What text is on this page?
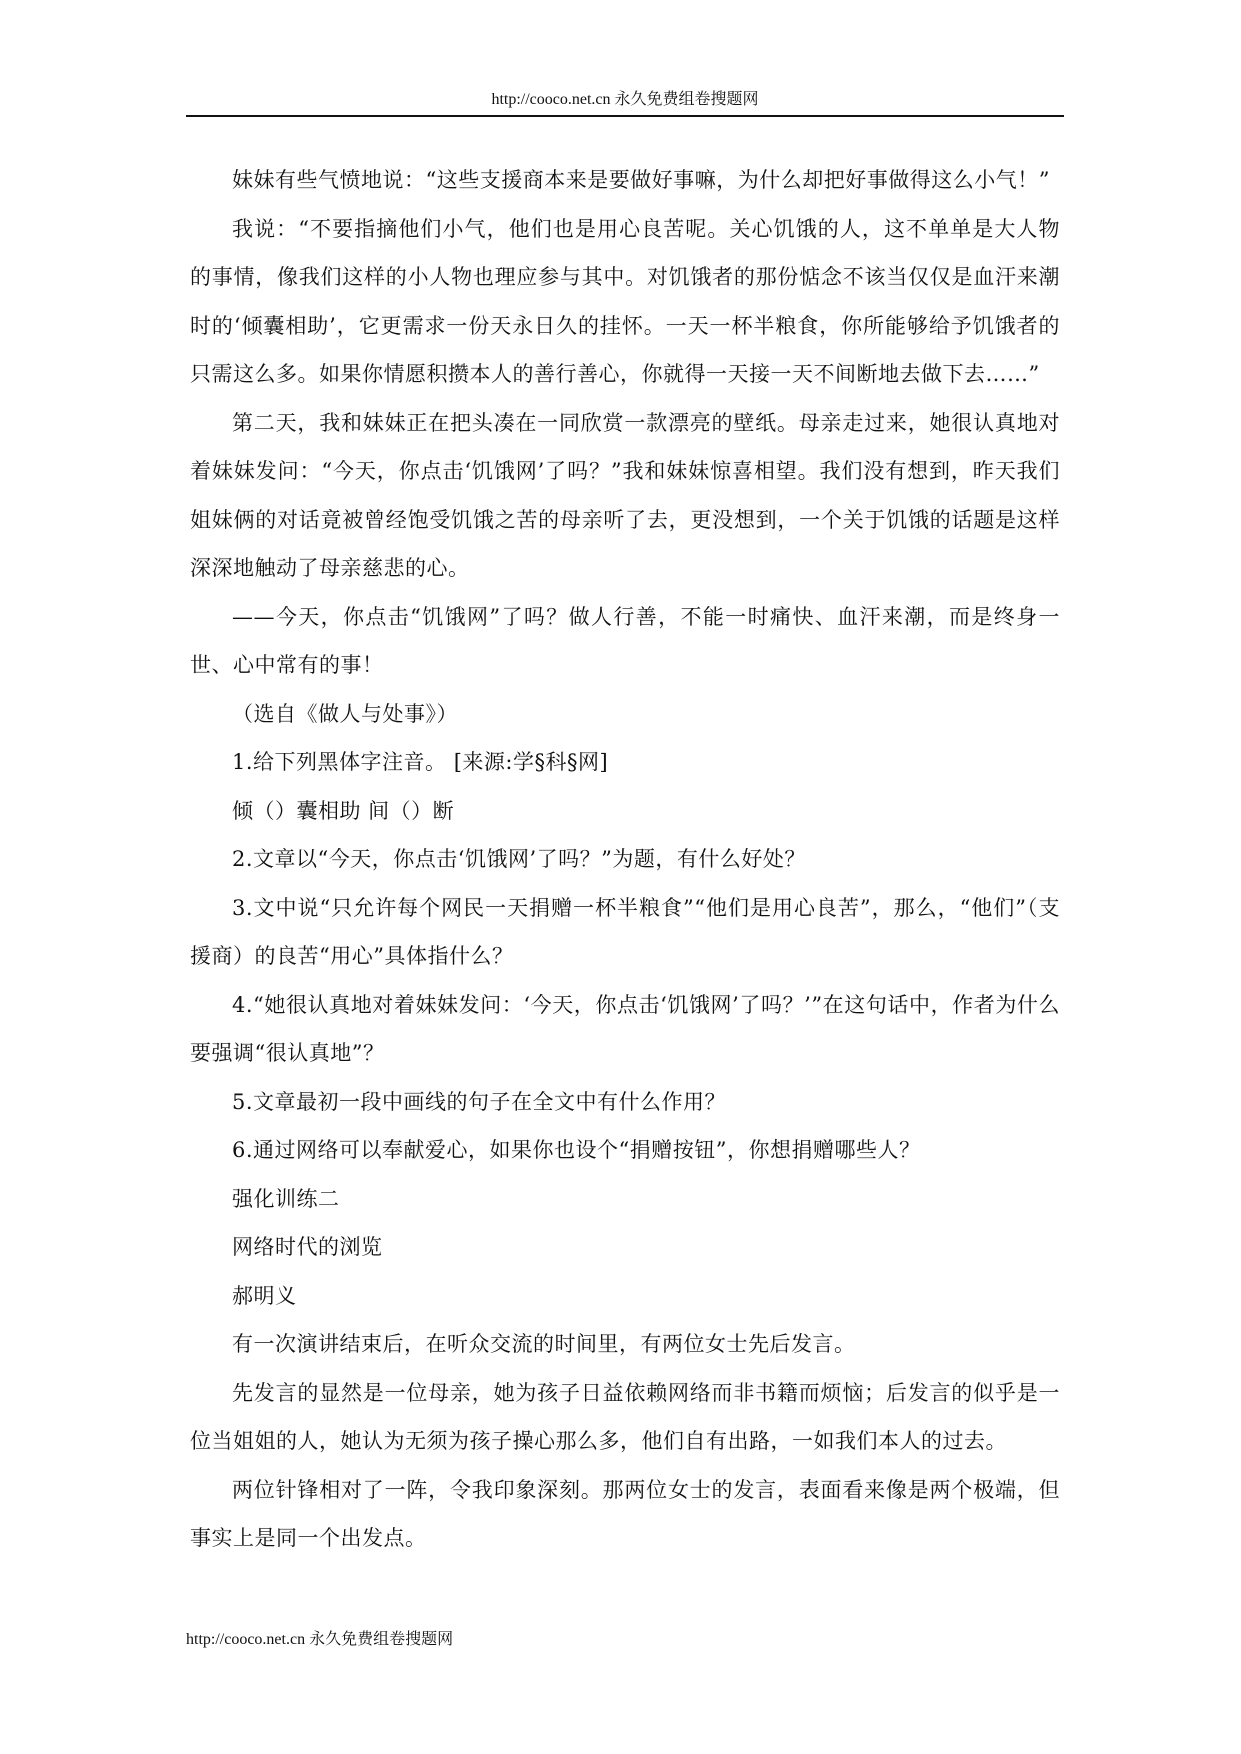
http://cooco.net.cn 永久免费组卷搜题网

妹妹有些气愤地说：“这些支援商本来是要做好事嘛，为什么却把好事做得这么小气！”

我说：“不要指摘他们小气，他们也是用心良苦呢。关心饥饿的人，这不单单是大人物的事情，像我们这样的小人物也理应参与其中。对饥饿者的那份惦念不该当仅仅是血汗来潮时的‘倾囊相助’，它更需求一份天永日久的挂怀。一天一杯半粮食，你所能够给予饥饿者的只需这么多。如果你情愿积攒本人的善行善心，你就得一天接一天不间断地去做下去……”

第二天，我和妹妹正在把头凑在一同欣赏一款漂亮的壁纸。母亲走过来，她很认真地对着妹妹发问：“今天，你点击‘饥饿网’了吗？”我和妹妹惊喜相望。我们没有想到，昨天我们姐妹俩的对话竟被曾经饱受饥饿之苦的母亲听了去，更没想到，一个关于饥饿的话题是这样深深地触动了母亲慈悲的心。

——今天，你点击“饥饿网”了吗？做人行善，不能一时痛快、血汗来潮，而是终身一世、心中常有的事！

（选自《做人与处事》）

1.给下列黑体字注音。 [来源:学§科§网]

倾（）囊相助 间（）断

2.文章以“今天，你点击‘饥饿网’了吗？”为题，有什么好处？

3.文中说“只允许每个网民一天捐赠一杯半粮食”“他们是用心良苦”，那么，“他们”（支援商）的良苦“用心”具体指什么？

4.“她很认真地对着妹妹发问：‘今天，你点击‘饥饿网’了吗？’”在这句话中，作者为什么要强调“很认真地”？

5.文章最初一段中画线的句子在全文中有什么作用？

6.通过网络可以奉献爱心，如果你也设个“捐赠按钮”，你想捐赠哪些人？

强化训练二

网络时代的浏览

郝明义

有一次演讲结束后，在听众交流的时间里，有两位女士先后发言。

先发言的显然是一位母亲，她为孩子日益依赖网络而非书籍而烦恼；后发言的似乎是一位当姐姐的人，她认为无须为孩子操心那么多，他们自有出路，一如我们本人的过去。

两位针锋相对了一阵，令我印象深刻。那两位女士的发言，表面看来像是两个极端，但事实上是同一个出发点。

http://cooco.net.cn 永久免费组卷搜题网
